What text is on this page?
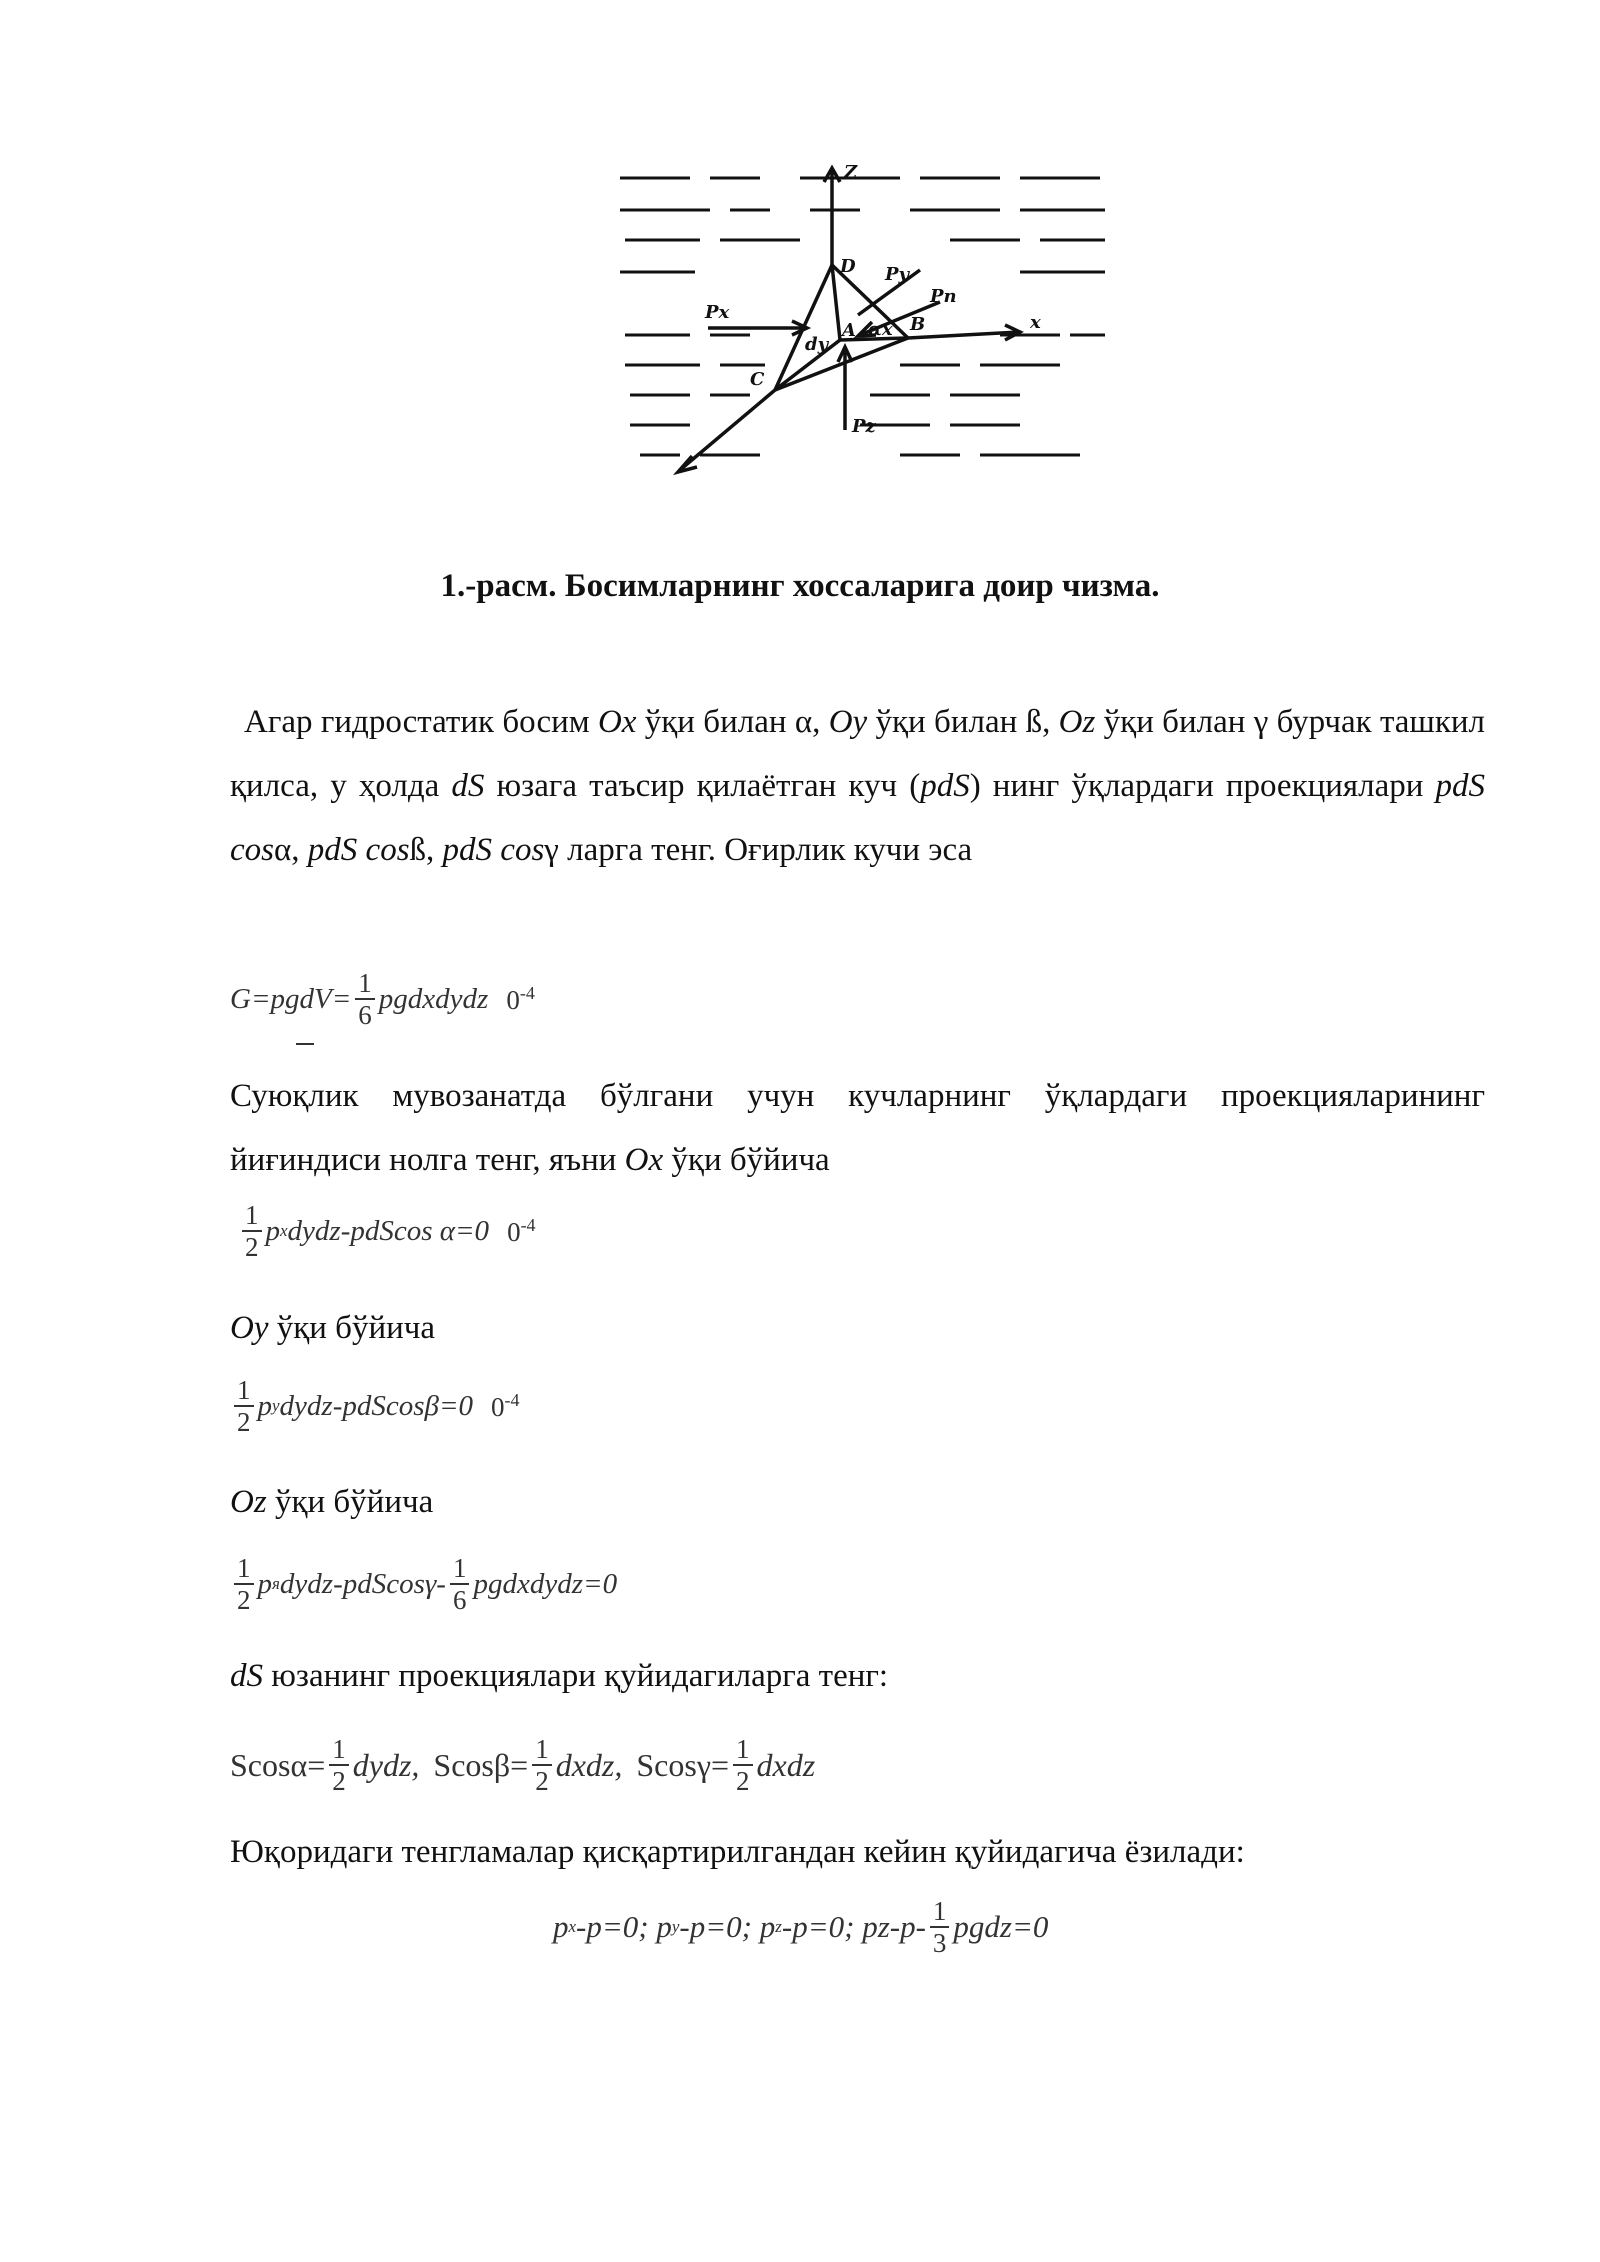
Z
x
D
A	B
C
Px
Pn
Pz
Py
dy
αx
1.-расм. Босимларнинг хоссаларига доир чизма.
Агар гидростатик босим Ox ўқи билан α, Oy ўқи билан ß, Oz ўқи билан γ бурчак ташкил қилса, у ҳолда dS юзага таъсир қилаётган куч (pdS) нинг ўқлардаги проекциялари pdS cosα, pdS cosß, pdS cosγ ларга тенг. Оғирлик кучи эса
G=pgdV= $\frac{1}{6}$ pgdxdydz $0^{-4}$
Суюқлик мувозанатда бўлгани учун кучларнинг ўқлардаги проекцияларининг йиғиндиси нолга тенг, яъни Ox ўқи бўйича
$\frac{1}{2}$ p x dydz-pdScos α=0 $0^{-4}$
Oy ўқи бўйича
$\frac{1}{2}$ p y dydz-pdScosβ=0 $0^{-4}$
Oz ўқи бўйича
$\frac{1}{2}$ p я dydz-pdScosγ- $\frac{1}{6}$ pgdxdydz=0
dS юзанинг проекциялари қуйидагиларга тенг:
$Scos\alpha= \frac{1}{2}$ dydz, $Scos\beta= \frac{1}{2}$ dxdz, $Scos\gamma= \frac{1}{2}$ dxdz
Юқоридаги тенгламалар қисқартирилгандан кейин қуйидагича ёзилади:
p x -p=0; p y -p=0; p z -p=0; $pz-p- \frac{1}{3}$ pgdz=0
